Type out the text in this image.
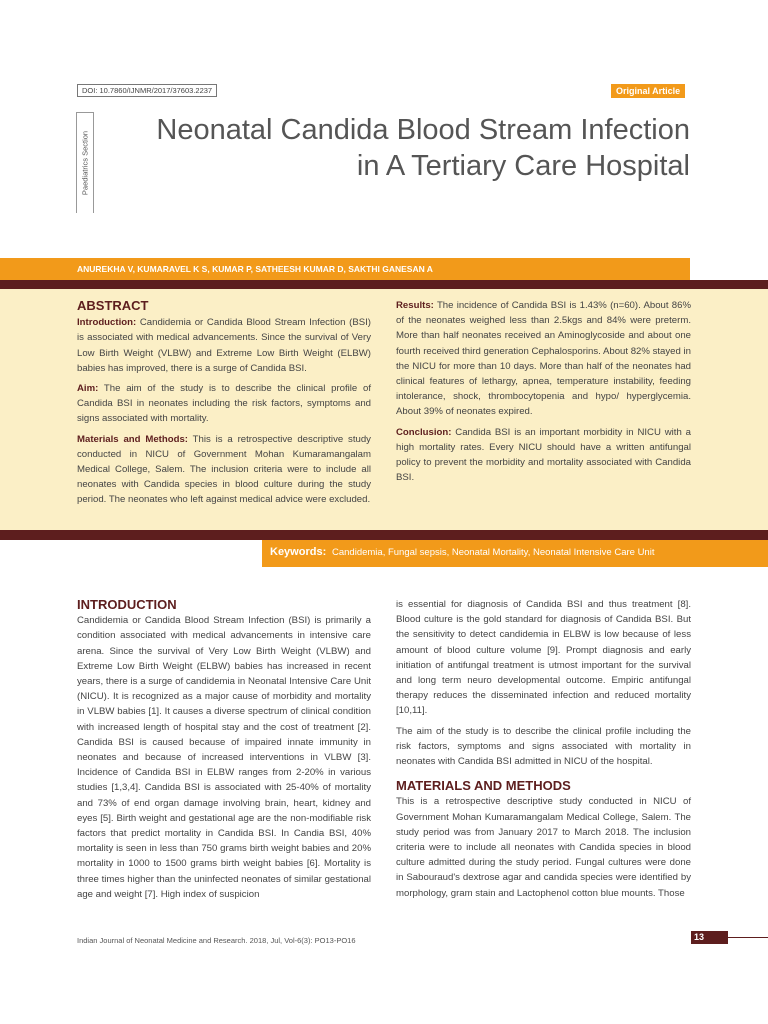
DOI: 10.7860/IJNMR/2017/37603.2237	Original Article
Paediatrics Section
Neonatal Candida Blood Stream Infection
in A Tertiary Care Hospital
ANUREKHA V, KUMARAVEL K S, KUMAR P, SATHEESH KUMAR D, SAKTHI GANESAN A
ABSTRACT

Introduction: Candidemia or Candida Blood Stream Infection (BSI) is associated with medical advancements. Since the survival of Very Low Birth Weight (VLBW) and Extreme Low Birth Weight (ELBW) babies has improved, there is a surge of Candida BSI.

Aim: The aim of the study is to describe the clinical profile of Candida BSI in neonates including the risk factors, symptoms and signs associated with mortality.

Materials and Methods: This is a retrospective descriptive study conducted in NICU of Government Mohan Kumaramangalam Medical College, Salem. The inclusion criteria were to include all neonates with Candida species in blood culture during the study period. The neonates who left against medical advice were excluded.

Results: The incidence of Candida BSI is 1.43% (n=60). About 86% of the neonates weighed less than 2.5kgs and 84% were preterm. More than half neonates received an Aminoglycoside and about one fourth received third generation Cephalosporins. About 82% stayed in the NICU for more than 10 days. More than half of the neonates had clinical features of lethargy, apnea, temperature instability, feeding intolerance, shock, thrombocytopenia and hypo/ hyperglycemia. About 39% of neonates expired.

Conclusion: Candida BSI is an important morbidity in NICU with a high mortality rates. Every NICU should have a written antifungal policy to prevent the morbidity and mortality associated with Candida BSI.

Keywords: Candidemia, Fungal sepsis, Neonatal Mortality, Neonatal Intensive Care Unit
INTRODUCTION

Candidemia or Candida Blood Stream Infection (BSI) is primarily a condition associated with medical advancements in intensive care arena. Since the survival of Very Low Birth Weight (VLBW) and Extreme Low Birth Weight (ELBW) babies has increased in recent years, there is a surge of candidemia in Neonatal Intensive Care Unit (NICU). It is recognized as a major cause of morbidity and mortality in VLBW babies [1]. It causes a diverse spectrum of clinical condition with increased length of hospital stay and the cost of treatment [2]. Candida BSI is caused because of impaired innate immunity in neonates and because of increased interventions in VLBW [3]. Incidence of Candida BSI in ELBW ranges from 2-20% in various studies [1,3,4]. Candida BSI is associated with 25-40% of mortality and 73% of end organ damage involving brain, heart, kidney and eyes [5]. Birth weight and gestational age are the non-modifiable risk factors that predict mortality in Candida BSI. In Candia BSI, 40% mortality is seen in less than 750 grams birth weight babies and 20% mortality in 1000 to 1500 grams birth weight babies [6]. Mortality is three times higher than the uninfected neonates of similar gestational age and weight [7]. High index of suspicion

is essential for diagnosis of Candida BSI and thus treatment [8]. Blood culture is the gold standard for diagnosis of Candida BSI. But the sensitivity to detect candidemia in ELBW is low because of less amount of blood culture volume [9]. Prompt diagnosis and early initiation of antifungal treatment is utmost important for the survival and long term neuro developmental outcome. Empiric antifungal therapy reduces the disseminated infection and reduced mortality [10,11].

The aim of the study is to describe the clinical profile including the risk factors, symptoms and signs associated with mortality in neonates with Candida BSI admitted in NICU of the hospital.

MATERIALS AND METHODS

This is a retrospective descriptive study conducted in NICU of Government Mohan Kumaramangalam Medical College, Salem. The study period was from January 2017 to March 2018. The inclusion criteria were to include all neonates with Candida species in blood culture admitted during the study period. Fungal cultures were done in Sabouraud's dextrose agar and candida species were identified by morphology, gram stain and Lactophenol cotton blue mounts. Those

Indian Journal of Neonatal Medicine and Research. 2018, Jul, Vol-6(3): PO13-PO16	13
